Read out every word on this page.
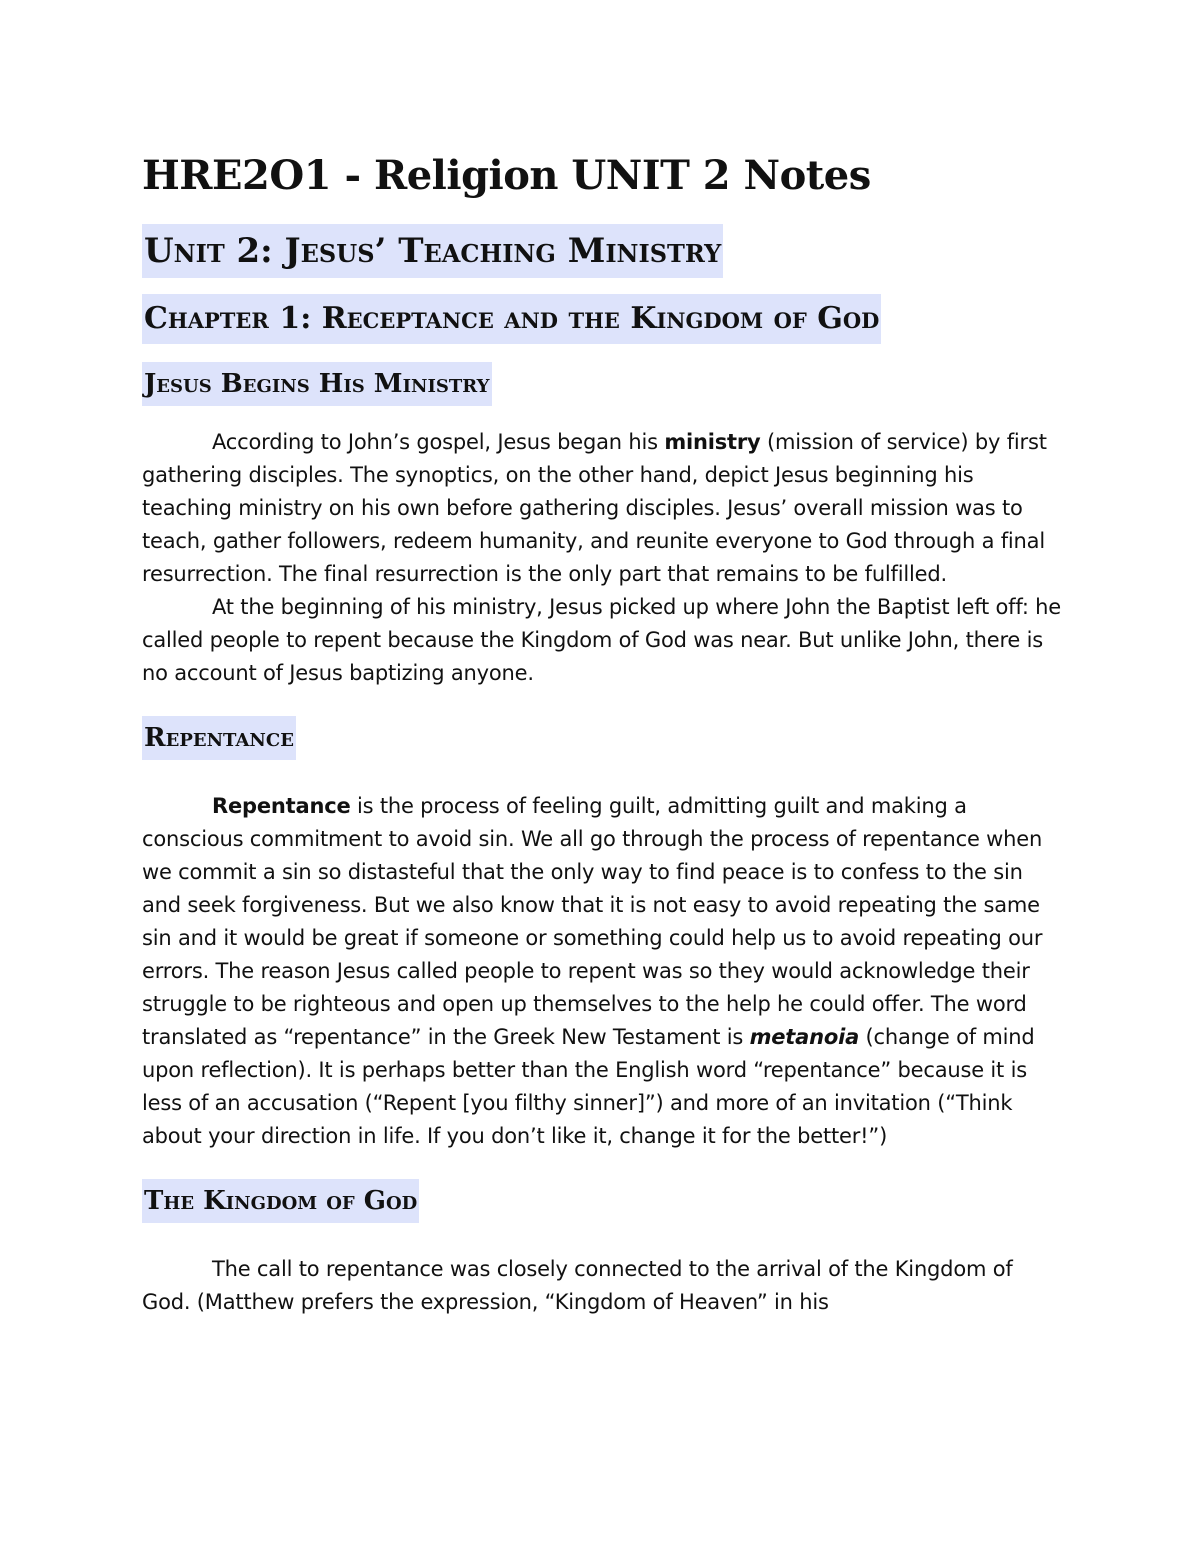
HRE2O1 - Religion UNIT 2 Notes
Unit 2: Jesus’ Teaching Ministry
Chapter 1: Receptance and the Kingdom of God
Jesus Begins His Ministry

According to John’s gospel, Jesus began his ministry (mission of service) by first gathering disciples. The synoptics, on the other hand, depict Jesus beginning his teaching ministry on his own before gathering disciples. Jesus’ overall mission was to teach, gather followers, redeem humanity, and reunite everyone to God through a final resurrection. The final resurrection is the only part that remains to be fulfilled.

At the beginning of his ministry, Jesus picked up where John the Baptist left off: he called people to repent because the Kingdom of God was near. But unlike John, there is no account of Jesus baptizing anyone.

Repentance

Repentance is the process of feeling guilt, admitting guilt and making a conscious commitment to avoid sin. We all go through the process of repentance when we commit a sin so distasteful that the only way to find peace is to confess to the sin and seek forgiveness. But we also know that it is not easy to avoid repeating the same sin and it would be great if someone or something could help us to avoid repeating our errors. The reason Jesus called people to repent was so they would acknowledge their struggle to be righteous and open up themselves to the help he could offer. The word translated as “repentance” in the Greek New Testament is metanoia (change of mind upon reflection). It is perhaps better than the English word “repentance” because it is less of an accusation (“Repent [you filthy sinner]”) and more of an invitation (“Think about your direction in life. If you don’t like it, change it for the better!”)

The Kingdom of God

The call to repentance was closely connected to the arrival of the Kingdom of God. (Matthew prefers the expression, “Kingdom of Heaven” in his
